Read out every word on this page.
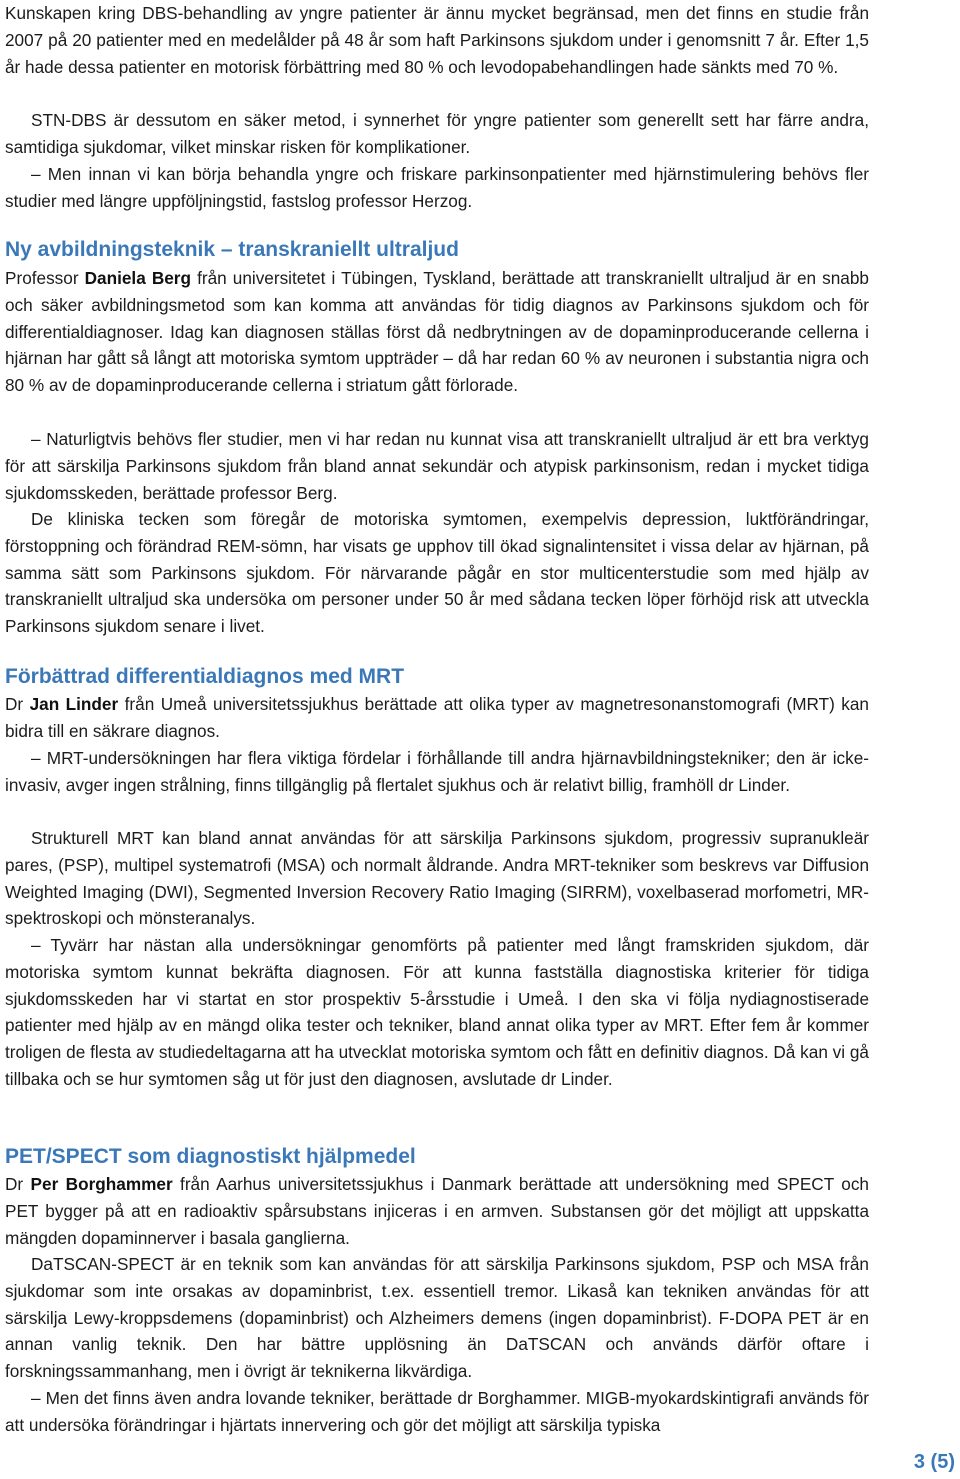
Kunskapen kring DBS-behandling av yngre patienter är ännu mycket begränsad, men det finns en studie från 2007 på 20 patienter med en medelålder på 48 år som haft Parkinsons sjukdom under i genomsnitt 7 år. Efter 1,5 år hade dessa patienter en motorisk förbättring med 80 % och levodopabehandlingen hade sänkts med 70 %.

STN-DBS är dessutom en säker metod, i synnerhet för yngre patienter som generellt sett har färre andra, samtidiga sjukdomar, vilket minskar risken för komplikationer.

– Men innan vi kan börja behandla yngre och friskare parkinsonpatienter med hjärnstimulering behövs fler studier med längre uppföljningstid, fastslog professor Herzog.

Ny avbildningsteknik – transkraniellt ultraljud

Professor Daniela Berg från universitetet i Tübingen, Tyskland, berättade att transkraniellt ultraljud är en snabb och säker avbildningsmetod som kan komma att användas för tidig diagnos av Parkinsons sjukdom och för differentialdiagnoser. Idag kan diagnosen ställas först då nedbrytningen av de dopaminproducerande cellerna i hjärnan har gått så långt att motoriska symtom uppträder – då har redan 60 % av neuronen i substantia nigra och 80 % av de dopaminproducerande cellerna i striatum gått förlorade.

– Naturligtvis behövs fler studier, men vi har redan nu kunnat visa att transkraniellt ultraljud är ett bra verktyg för att särskilja Parkinsons sjukdom från bland annat sekundär och atypisk parkinsonism, redan i mycket tidiga sjukdomsskeden, berättade professor Berg.

De kliniska tecken som föregår de motoriska symtomen, exempelvis depression, luktförändringar, förstoppning och förändrad REM-sömn, har visats ge upphov till ökad signalintensitet i vissa delar av hjärnan, på samma sätt som Parkinsons sjukdom. För närvarande pågår en stor multicenterstudie som med hjälp av transkraniellt ultraljud ska undersöka om personer under 50 år med sådana tecken löper förhöjd risk att utveckla Parkinsons sjukdom senare i livet.

Förbättrad differentialdiagnos med MRT

Dr Jan Linder från Umeå universitetssjukhus berättade att olika typer av magnetresonanstomografi (MRT) kan bidra till en säkrare diagnos.

– MRT-undersökningen har flera viktiga fördelar i förhållande till andra hjärnavbildningstekniker; den är icke-invasiv, avger ingen strålning, finns tillgänglig på flertalet sjukhus och är relativt billig, framhöll dr Linder.

Strukturell MRT kan bland annat användas för att särskilja Parkinsons sjukdom, progressiv supranukleär pares, (PSP), multipel systematrofi (MSA) och normalt åldrande. Andra MRT-tekniker som beskrevs var Diffusion Weighted Imaging (DWI), Segmented Inversion Recovery Ratio Imaging (SIRRM), voxelbaserad morfometri, MR-spektroskopi och mönsteranalys.

– Tyvärr har nästan alla undersökningar genomförts på patienter med långt framskriden sjukdom, där motoriska symtom kunnat bekräfta diagnosen. För att kunna fastställa diagnostiska kriterier för tidiga sjukdomsskeden har vi startat en stor prospektiv 5-årsstudie i Umeå. I den ska vi följa nydiagnostiserade patienter med hjälp av en mängd olika tester och tekniker, bland annat olika typer av MRT. Efter fem år kommer troligen de flesta av studiedeltagarna att ha utvecklat motoriska symtom och fått en definitiv diagnos. Då kan vi gå tillbaka och se hur symtomen såg ut för just den diagnosen, avslutade dr Linder.

PET/SPECT som diagnostiskt hjälpmedel

Dr Per Borghammer från Aarhus universitetssjukhus i Danmark berättade att undersökning med SPECT och PET bygger på att en radioaktiv spårsubstans injiceras i en armven. Substansen gör det möjligt att uppskatta mängden dopaminnerver i basala ganglierna.

DaTSCAN-SPECT är en teknik som kan användas för att särskilja Parkinsons sjukdom, PSP och MSA från sjukdomar som inte orsakas av dopaminbrist, t.ex. essentiell tremor. Likaså kan tekniken användas för att särskilja Lewy-kroppsdemens (dopaminbrist) och Alzheimers demens (ingen dopaminbrist). F-DOPA PET är en annan vanlig teknik. Den har bättre upplösning än DaTSCAN och används därför oftare i forskningssammanhang, men i övrigt är teknikerna likvärdiga.

– Men det finns även andra lovande tekniker, berättade dr Borghammer. MIGB-myokardskintigrafi används för att undersöka förändringar i hjärtats innervering och gör det möjligt att särskilja typiska

3 (5)
